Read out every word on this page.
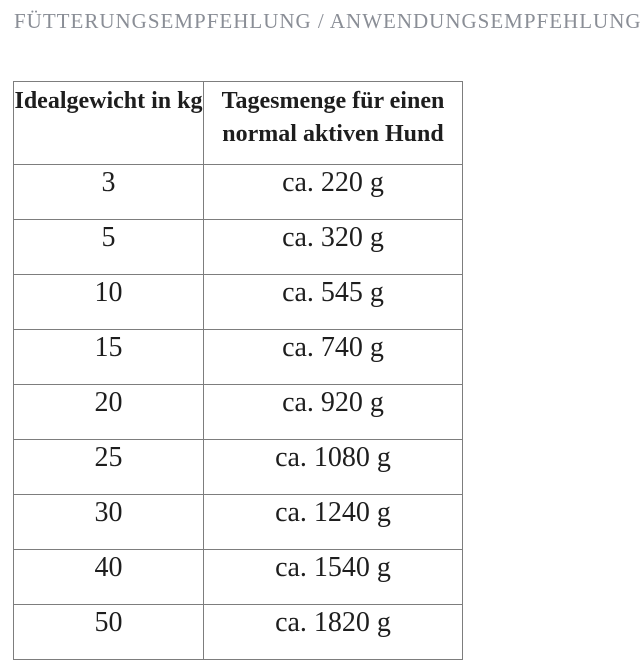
FÜTTERUNGSEMPFEHLUNG / ANWENDUNGSEMPFEHLUNG
Idealgewicht in kg	Tagesmenge für einen normal aktiven Hund
3	ca. 220 g
5	ca. 320 g
10	ca. 545 g
15	ca. 740 g
20	ca. 920 g
25	ca. 1080 g
30	ca. 1240 g
40	ca. 1540 g
50	ca. 1820 g
